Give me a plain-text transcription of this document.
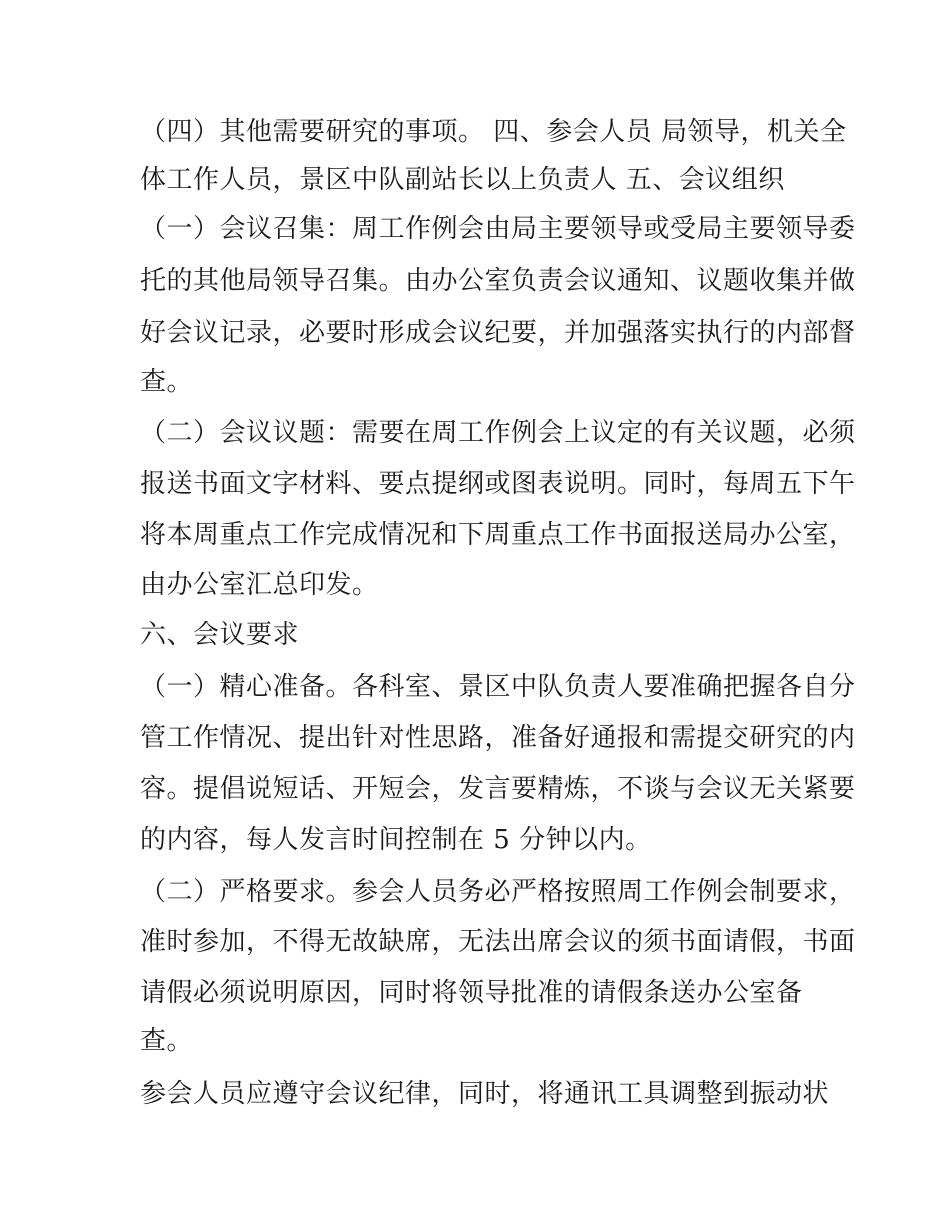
（四）其他需要研究的事项。 四、参会人员 局领导，机关全
体工作人员，景区中队副站长以上负责人 五、会议组织
（一）会议召集：周工作例会由局主要领导或受局主要领导委
托的其他局领导召集。由办公室负责会议通知、议题收集并做
好会议记录，必要时形成会议纪要，并加强落实执行的内部督
查。
（二）会议议题：需要在周工作例会上议定的有关议题，必须
报送书面文字材料、要点提纲或图表说明。同时，每周五下午
将本周重点工作完成情况和下周重点工作书面报送局办公室，
由办公室汇总印发。
六、会议要求
（一）精心准备。各科室、景区中队负责人要准确把握各自分
管工作情况、提出针对性思路，准备好通报和需提交研究的内
容。提倡说短话、开短会，发言要精炼，不谈与会议无关紧要
的内容，每人发言时间控制在 5 分钟以内。
（二）严格要求。参会人员务必严格按照周工作例会制要求，
准时参加，不得无故缺席，无法出席会议的须书面请假，书面
请假必须说明原因，同时将领导批准的请假条送办公室备
查。
参会人员应遵守会议纪律，同时，将通讯工具调整到振动状
